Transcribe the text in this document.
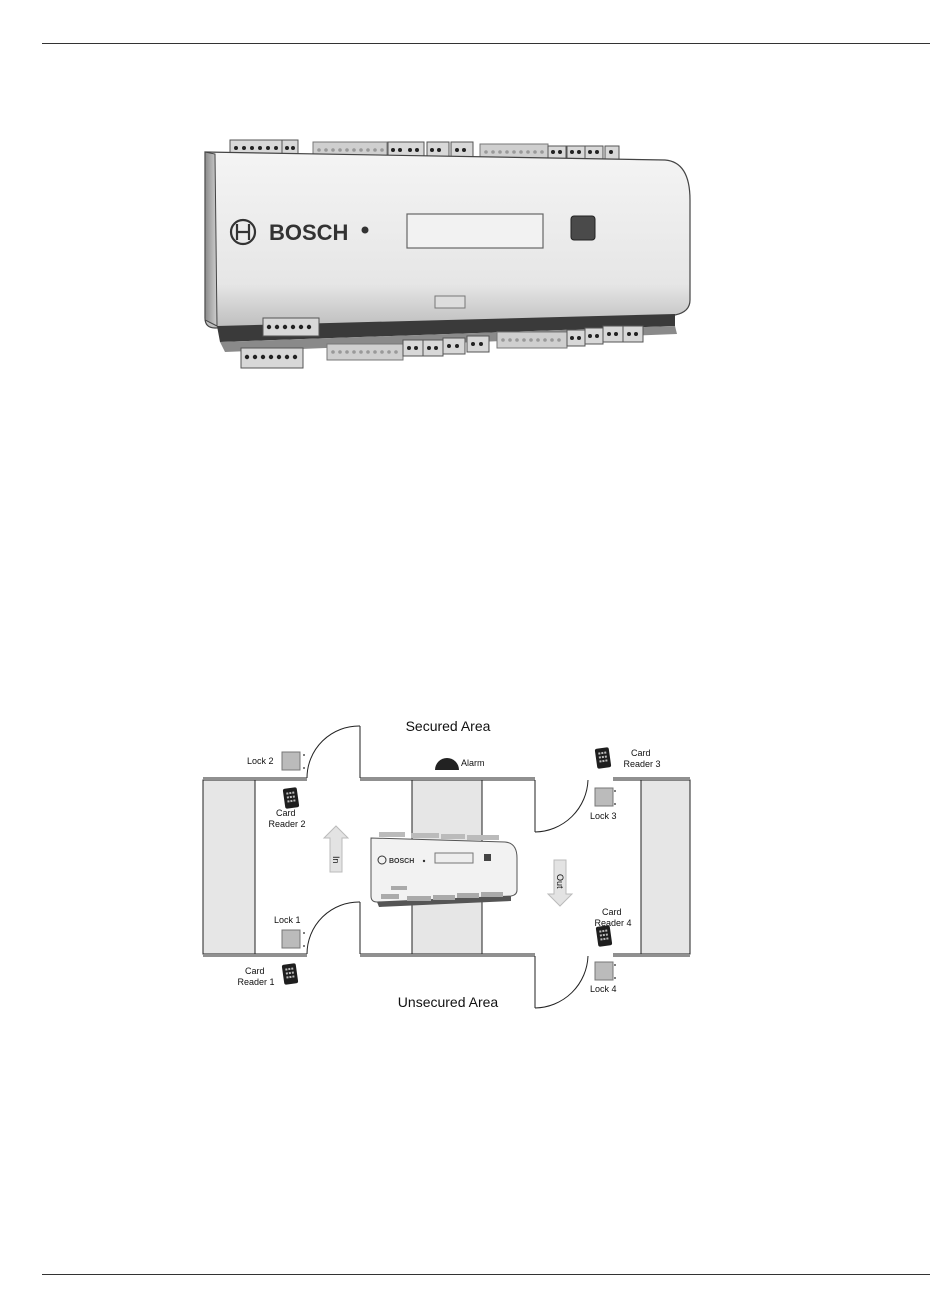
BOSCH
Secured Area
Unsecured Area
Alarm
Lock 2
Lock 1
Lock 3
Lock 4
Card Reader 2
Card Reader 1
Card Reader 3
Card Reader 4
In
Out
BOSCH
